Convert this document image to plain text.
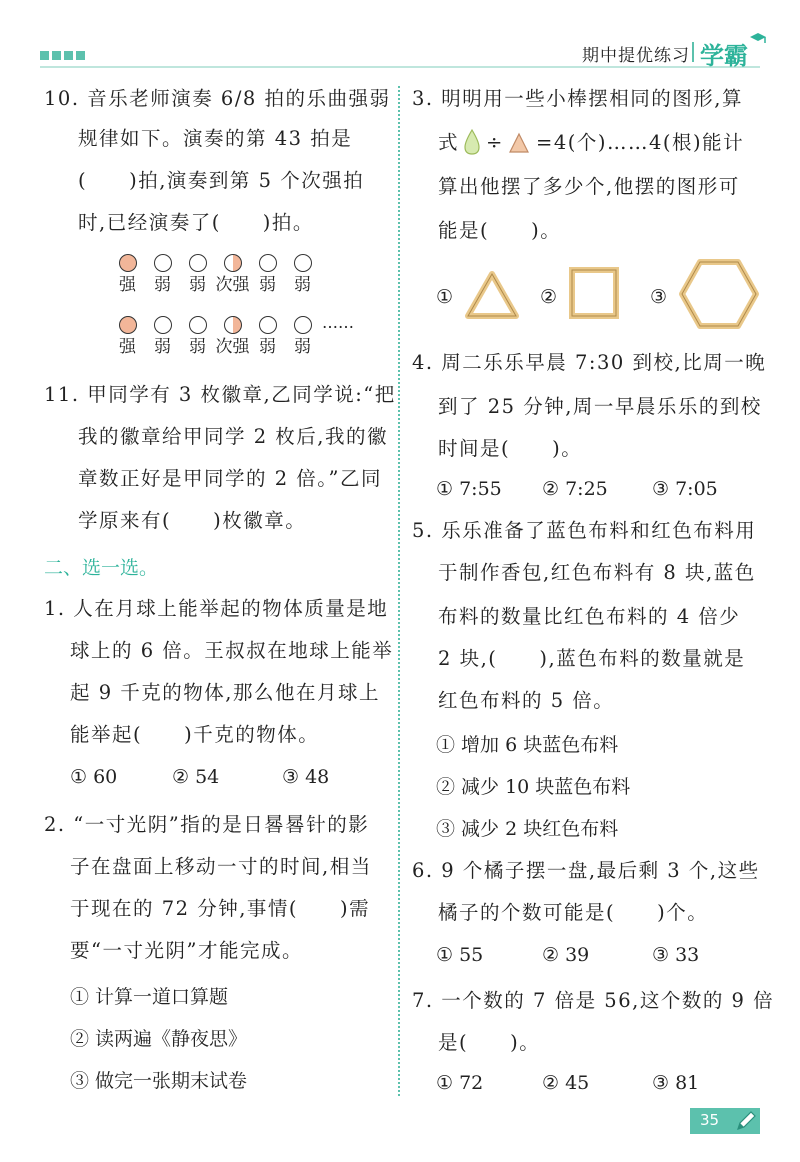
期中提优练习 学霸
10. 音乐老师演奏 6/8 拍的乐曲强弱
规律如下。演奏的第 43 拍是
(　　)拍,演奏到第 5 个次强拍
时,已经演奏了(　　)拍。
强	弱	弱 次强 弱	弱
强	弱	弱 次强 弱	弱
……
11. 甲同学有 3 枚徽章,乙同学说:“把
我的徽章给甲同学 2 枚后,我的徽
章数正好是甲同学的 2 倍。”乙同
学原来有(　　)枚徽章。
二、选一选。
1. 人在月球上能举起的物体质量是地
球上的 6 倍。王叔叔在地球上能举
起 9 千克的物体,那么他在月球上
能举起(　　)千克的物体。
① 60	② 54	③ 48
2. “一寸光阴”指的是日晷晷针的影
子在盘面上移动一寸的时间,相当
于现在的 72 分钟,事情(　　)需
要“一寸光阴”才能完成。
① 计算一道口算题
② 读两遍《静夜思》
③ 做完一张期末试卷
3. 明明用一些小棒摆相同的图形,算
式 ÷ =4(个)……4(根)能计
算出他摆了多少个,他摆的图形可
能是(　　)。
①	②	③
4. 周二乐乐早晨 7:30 到校,比周一晚
到了 25 分钟,周一早晨乐乐的到校
时间是(　　)。
① 7:55 ② 7:25 ③ 7:05
5. 乐乐准备了蓝色布料和红色布料用
于制作香包,红色布料有 8 块,蓝色
布料的数量比红色布料的 4 倍少
2 块,(　　),蓝色布料的数量就是
红色布料的 5 倍。
① 增加 6 块蓝色布料
② 减少 10 块蓝色布料
③ 减少 2 块红色布料
6. 9 个橘子摆一盘,最后剩 3 个,这些
橘子的个数可能是(　　)个。
① 55	② 39	③ 33
7. 一个数的 7 倍是 56,这个数的 9 倍
是(　　)。
① 72	② 45	③ 81
35
